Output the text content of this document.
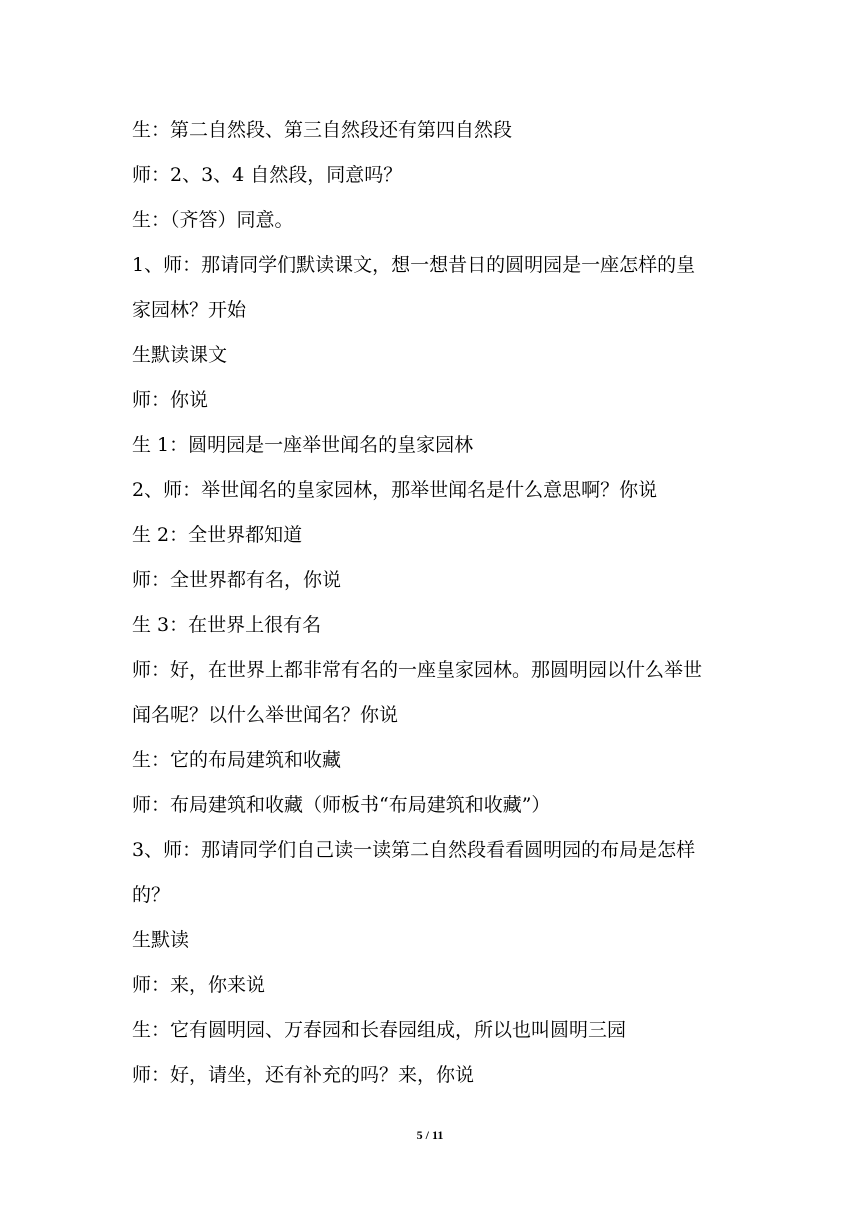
生：第二自然段、第三自然段还有第四自然段
师：2、3、4 自然段，同意吗？
生：（齐答）同意。
1、师：那请同学们默读课文，想一想昔日的圆明园是一座怎样的皇
家园林？开始
生默读课文
师：你说
生 1：圆明园是一座举世闻名的皇家园林
2、师：举世闻名的皇家园林，那举世闻名是什么意思啊？你说
生 2：全世界都知道
师：全世界都有名，你说
生 3：在世界上很有名
师：好，在世界上都非常有名的一座皇家园林。那圆明园以什么举世
闻名呢？以什么举世闻名？你说
生：它的布局建筑和收藏
师：布局建筑和收藏（师板书“布局建筑和收藏”）
3、师：那请同学们自己读一读第二自然段看看圆明园的布局是怎样
的？
生默读
师：来，你来说
生：它有圆明园、万春园和长春园组成，所以也叫圆明三园
师：好，请坐，还有补充的吗？来，你说
5 / 11
